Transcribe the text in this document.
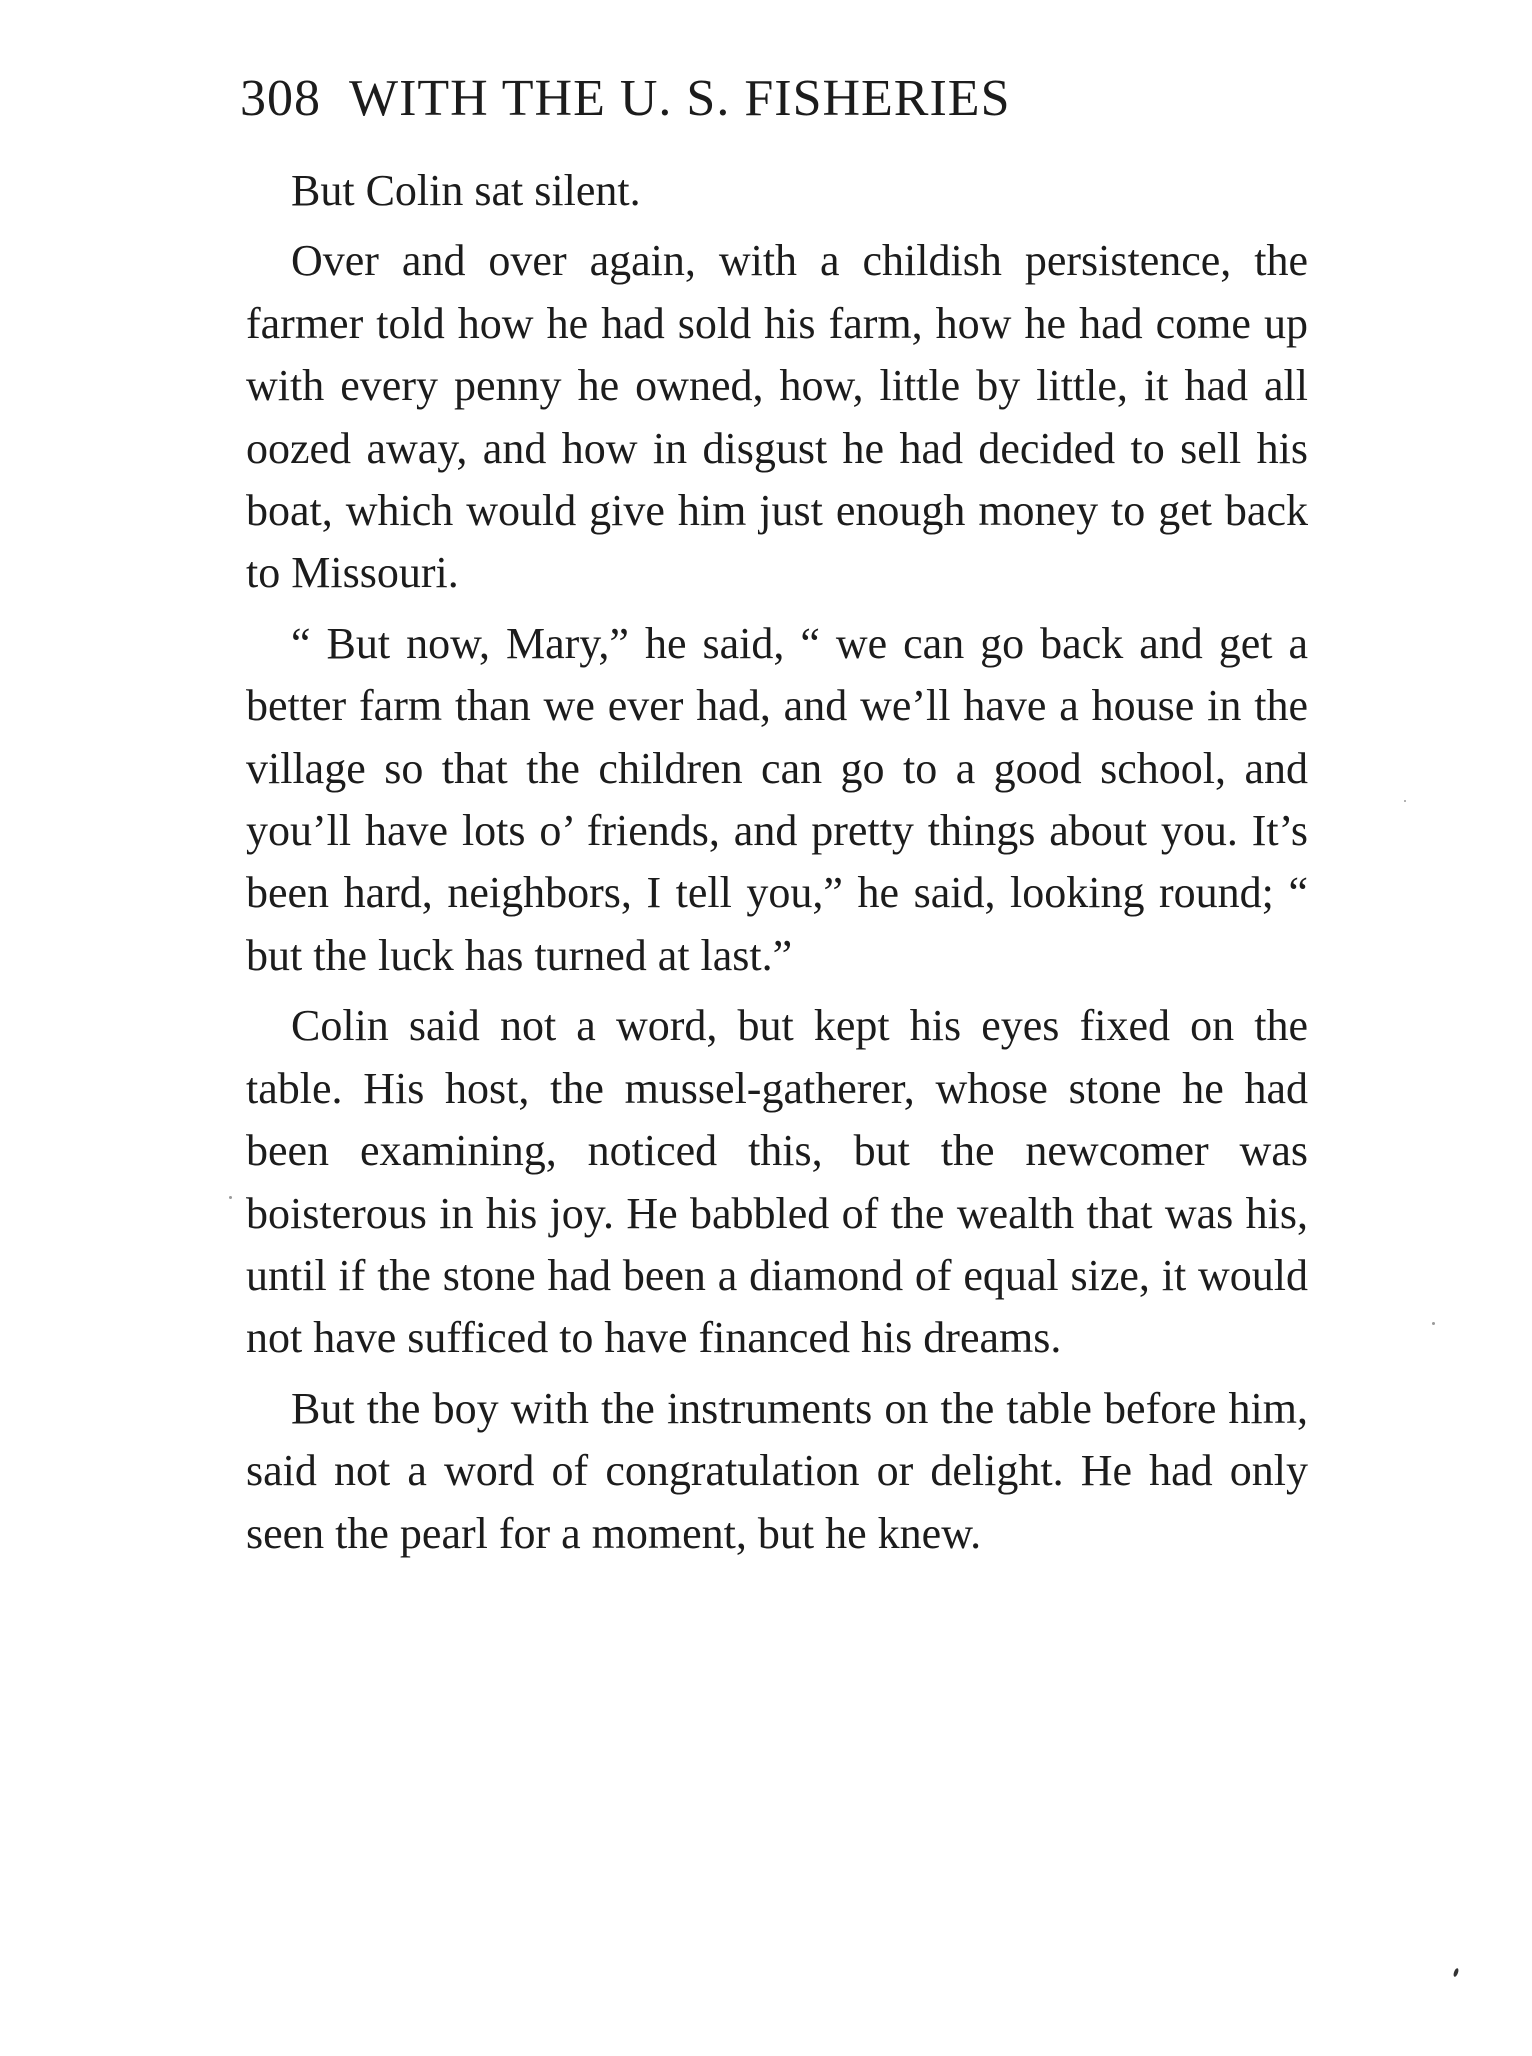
308 WITH THE U. S. FISHERIES

But Colin sat silent.

Over and over again, with a childish persistence, the farmer told how he had sold his farm, how he had come up with every penny he owned, how, little by little, it had all oozed away, and how in disgust he had decided to sell his boat, which would give him just enough money to get back to Missouri.

“ But now, Mary,” he said, “ we can go back and get a better farm than we ever had, and we’ll have a house in the village so that the children can go to a good school, and you’ll have lots o’ friends, and pretty things about you. It’s been hard, neighbors, I tell you,” he said, looking round; “ but the luck has turned at last.”

Colin said not a word, but kept his eyes fixed on the table. His host, the mussel-gatherer, whose stone he had been examining, noticed this, but the newcomer was boisterous in his joy. He babbled of the wealth that was his, until if the stone had been a diamond of equal size, it would not have sufficed to have financed his dreams.

But the boy with the instruments on the table before him, said not a word of congratulation or delight. He had only seen the pearl for a moment, but he knew.
